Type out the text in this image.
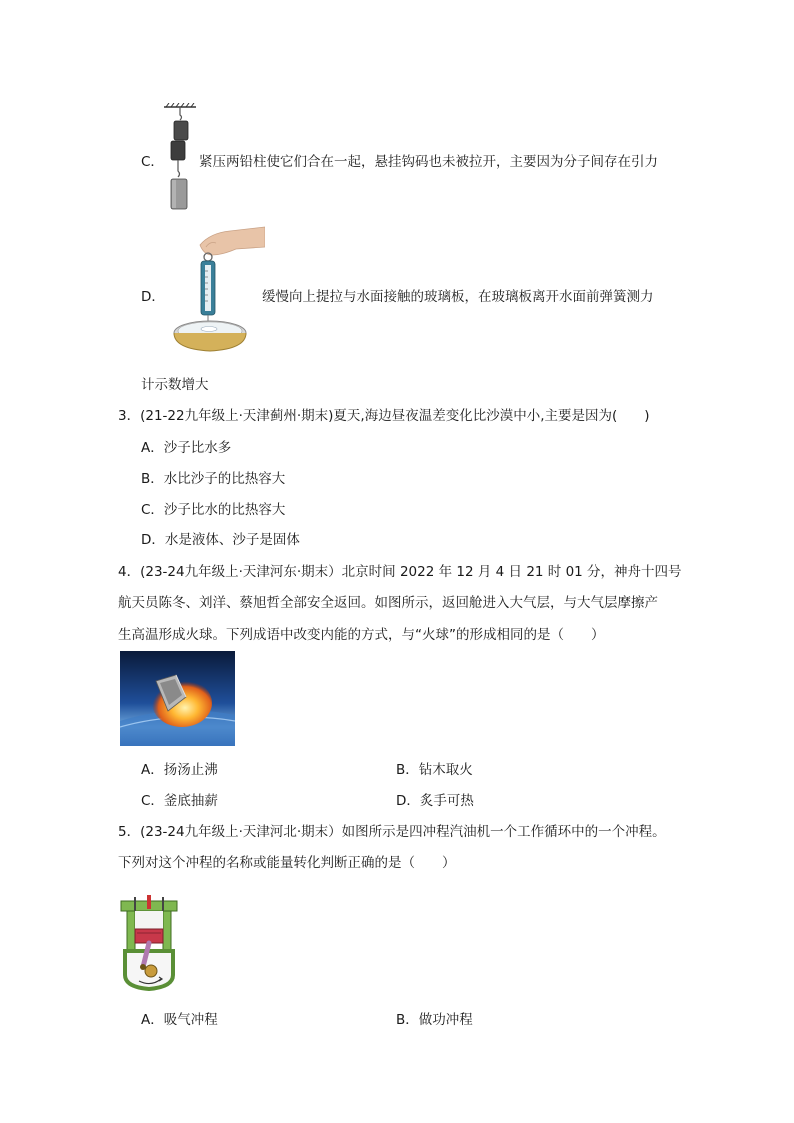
C．	紧压两铅柱使它们合在一起，悬挂钩码也未被拉开，主要因为分子间存在引力
D．	缓慢向上提拉与水面接触的玻璃板，在玻璃板离开水面前弹簧测力
计示数增大
3．(21-22九年级上·天津蓟州·期末)夏天,海边昼夜温差变化比沙漠中小,主要是因为(　　)
A．沙子比水多
B．水比沙子的比热容大
C．沙子比水的比热容大
D．水是液体、沙子是固体
4．(23-24九年级上·天津河东·期末）北京时间 2022 年 12 月 4 日 21 时 01 分，神舟十四号
航天员陈冬、刘洋、蔡旭哲全部安全返回。如图所示，返回舱进入大气层，与大气层摩擦产
生高温形成火球。下列成语中改变内能的方式，与“火球”的形成相同的是（　　）
A．扬汤止沸	B．钻木取火
C．釜底抽薪	D．炙手可热
5．(23-24九年级上·天津河北·期末）如图所示是四冲程汽油机一个工作循环中的一个冲程。
下列对这个冲程的名称或能量转化判断正确的是（　　）
A．吸气冲程	B．做功冲程
